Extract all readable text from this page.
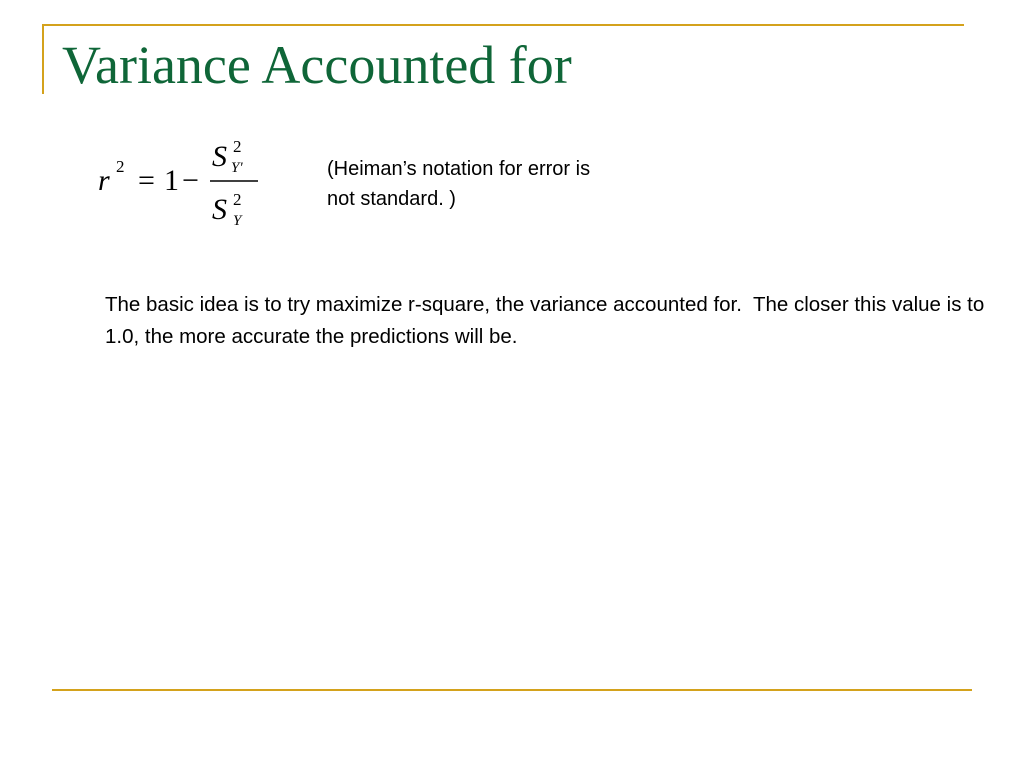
Variance Accounted for
r 2 = 1 −
S 2
Y'
S 2
Y

(Heiman’s notation for error is not standard. )

The basic idea is to try maximize r-square, the variance accounted for.  The closer this value is to 1.0, the more accurate the predictions will be.
